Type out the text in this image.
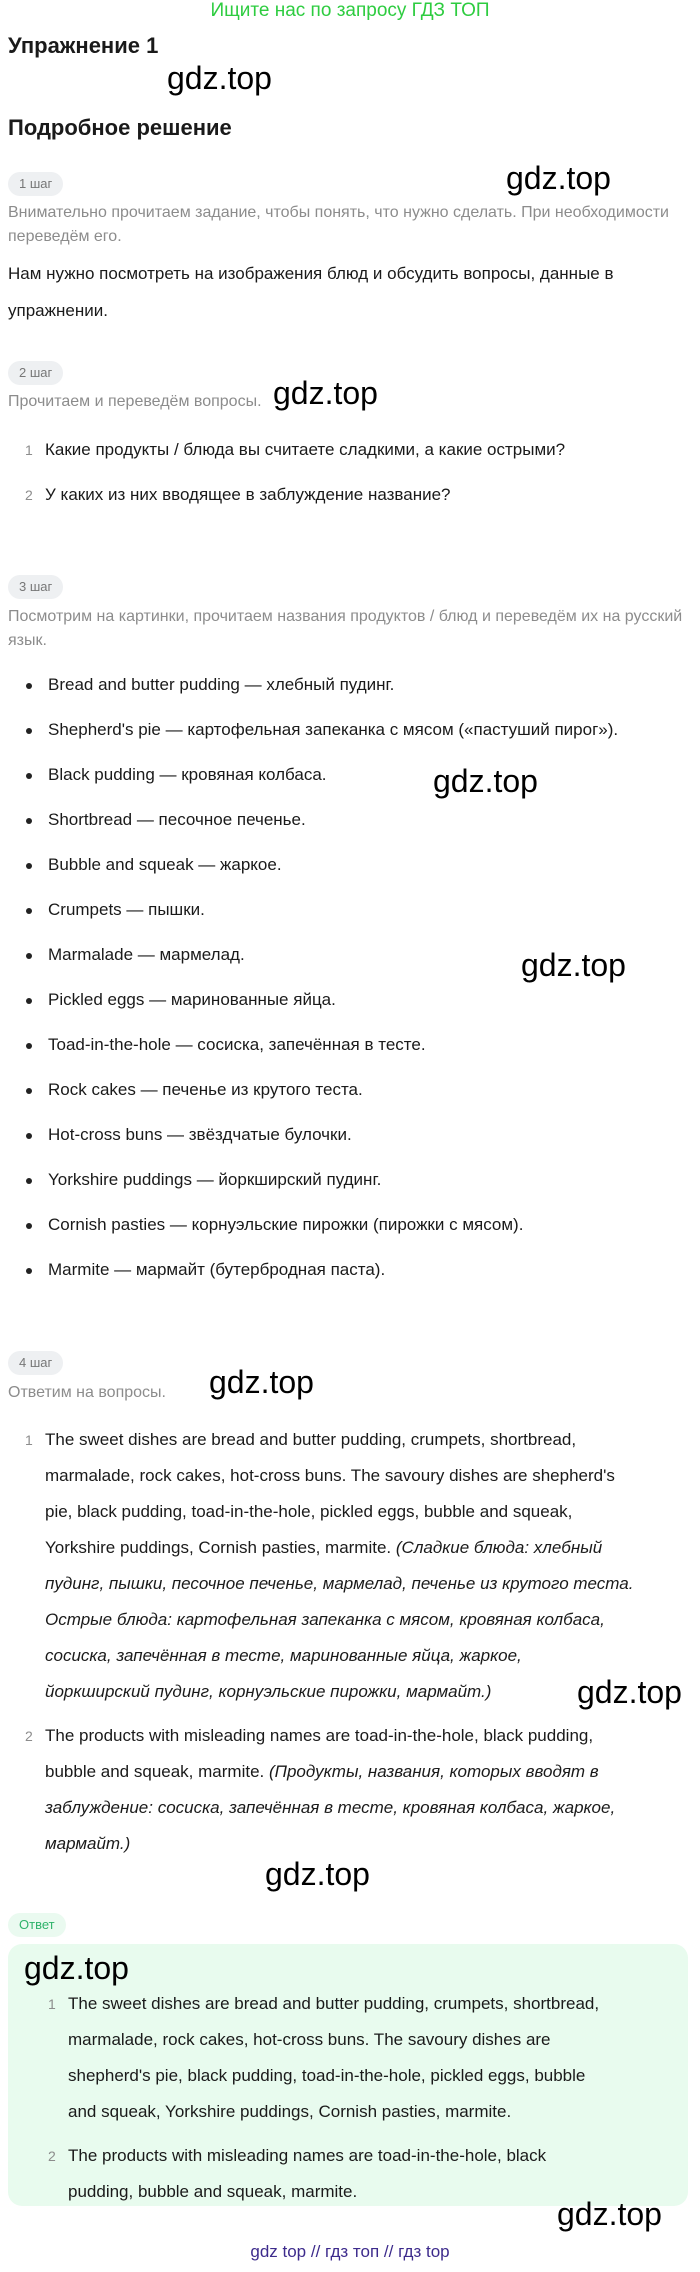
Ищите нас по запросу ГДЗ ТОП
Упражнение 1
Подробное решение
gdz.top
gdz.top
gdz.top
gdz.top
gdz.top
gdz.top
gdz.top
gdz.top
1 шаг
Внимательно прочитаем задание, чтобы понять, что нужно сделать. При необходимости переведём его.
Нам нужно посмотреть на изображения блюд и обсудить вопросы, данные в упражнении.
2 шаг
Прочитаем и переведём вопросы.
1 Какие продукты / блюда вы считаете сладкими, а какие острыми?
2 У каких из них вводящее в заблуждение название?
3 шаг
Посмотрим на картинки, прочитаем названия продуктов / блюд и переведём их на русский язык.
Bread and butter pudding — хлебный пудинг.
Shepherd's pie — картофельная запеканка с мясом («пастуший пирог»).
Black pudding — кровяная колбаса.
Shortbread — песочное печенье.
Bubble and squeak — жаркое.
Crumpets — пышки.
Marmalade — мармелад.
Pickled eggs — маринованные яйца.
Toad-in-the-hole — сосиска, запечённая в тесте.
Rock cakes — печенье из крутого теста.
Hot-cross buns — звёздчатые булочки.
Yorkshire puddings — йоркширский пудинг.
Cornish pasties — корнуэльские пирожки (пирожки с мясом).
Marmite — мармайт (бутербродная паста).
4 шаг
Ответим на вопросы.
1 The sweet dishes are bread and butter pudding, crumpets, shortbread,
marmalade, rock cakes, hot-cross buns. The savoury dishes are shepherd's
pie, black pudding, toad-in-the-hole, pickled eggs, bubble and squeak,
Yorkshire puddings, Cornish pasties, marmite. (Сладкие блюда: хлебный
пудинг, пышки, песочное печенье, мармелад, печенье из крутого теста.
Острые блюда: картофельная запеканка с мясом, кровяная колбаса,
сосиска, запечённая в тесте, маринованные яйца, жаркое,
йоркширский пудинг, корнуэльские пирожки, мармайт.)
2 The products with misleading names are toad-in-the-hole, black pudding,
bubble and squeak, marmite. (Продукты, названия, которых вводят в
заблуждение: сосиска, запечённая в тесте, кровяная колбаса, жаркое,
мармайт.)
Ответ
gdz.top
1 The sweet dishes are bread and butter pudding, crumpets, shortbread,
marmalade, rock cakes, hot-cross buns. The savoury dishes are
shepherd's pie, black pudding, toad-in-the-hole, pickled eggs, bubble
and squeak, Yorkshire puddings, Cornish pasties, marmite.
2 The products with misleading names are toad-in-the-hole, black
pudding, bubble and squeak, marmite.
gdz.top
gdz top // гдз топ // гдз top
